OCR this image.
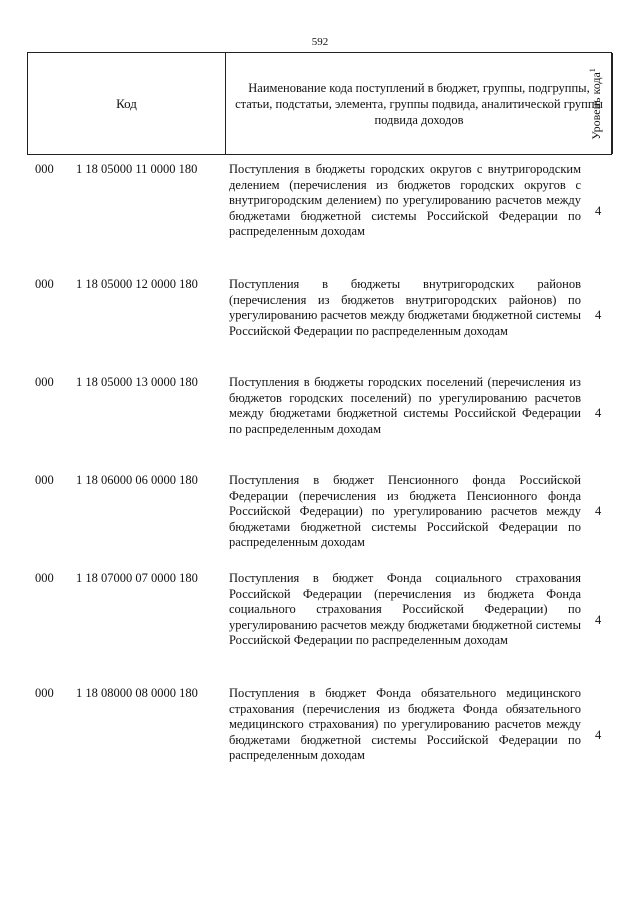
592
Код
Наименование кода поступлений в бюджет, группы, подгруппы, статьи, подстатьи, элемента, группы подвида, аналитической группы подвида доходов	Уровень кода$^1$
000 1 18 05000 11 0000 180	Поступления в бюджеты городских округов с внутригородским делением (перечисления из бюджетов городских округов с внутригородским делением) по урегулированию расчетов между бюджетами бюджетной системы Российской Федерации по распределенным доходам
4
000 1 18 05000 12 0000 180 Поступления в бюджеты внутригородских районов (перечисления из бюджетов внутригородских районов) по урегулированию расчетов между бюджетами бюджетной системы Российской Федерации по распределенным доходам
4
000 1 18 05000 13 0000 180 Поступления в бюджеты городских поселений (перечисления из бюджетов городских поселений) по урегулированию расчетов между бюджетами бюджетной системы Российской Федерации по распределенным доходам
4
000 1 18 06000 06 0000 180 Поступления в бюджет Пенсионного фонда Российской Федерации (перечисления из бюджета Пенсионного фонда Российской Федерации) по урегулированию расчетов между бюджетами бюджетной системы Российской Федерации по распределенным доходам
4
000 1 18 07000 07 0000 180 Поступления в бюджет Фонда социального страхования Российской Федерации (перечисления из бюджета Фонда социального страхования Российской Федерации) по урегулированию расчетов между бюджетами бюджетной системы Российской Федерации по распределенным доходам
4
000 1 18 08000 08 0000 180 Поступления в бюджет Фонда обязательного медицинского страхования (перечисления из бюджета Фонда обязательного медицинского страхования) по урегулированию расчетов между бюджетами бюджетной системы Российской Федерации по распределенным доходам
4
